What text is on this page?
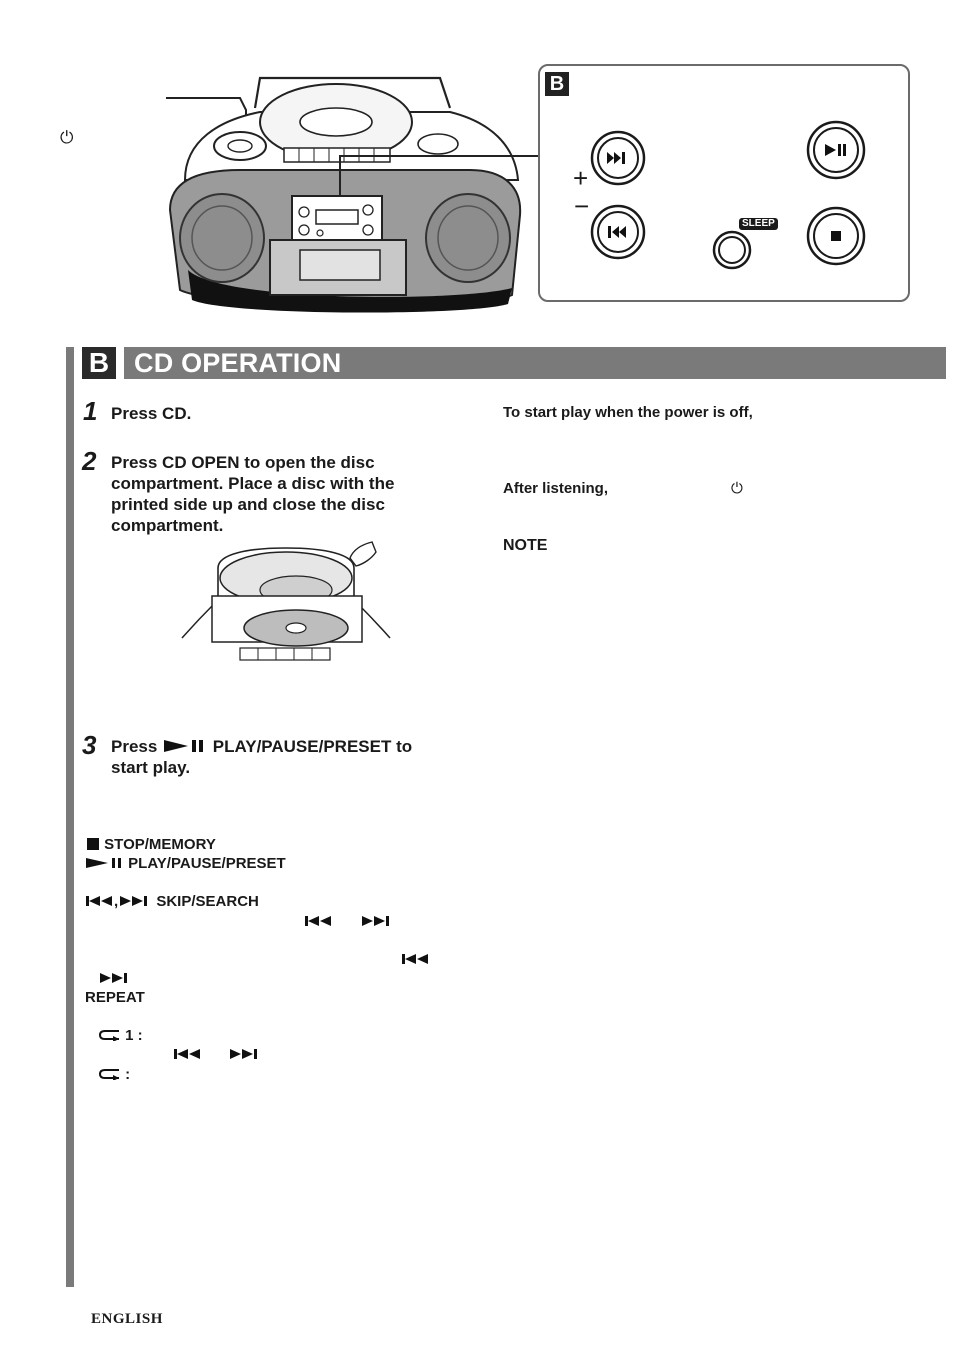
⏻
B
+
−
SLEEP
B CD OPERATION
1 Press CD.
2 Press CD OPEN to open the disc
compartment. Place a disc with the
printed side up and close the disc
compartment.
3 Press	PLAY/PAUSE/PRESET to
start play.
STOP/MEMORY
PLAY/PAUSE/PRESET
,	SKIP/SEARCH
REPEAT
1 :
:
To start play when the power is off,
After listening,	⏻
NOTE
ENGLISH
